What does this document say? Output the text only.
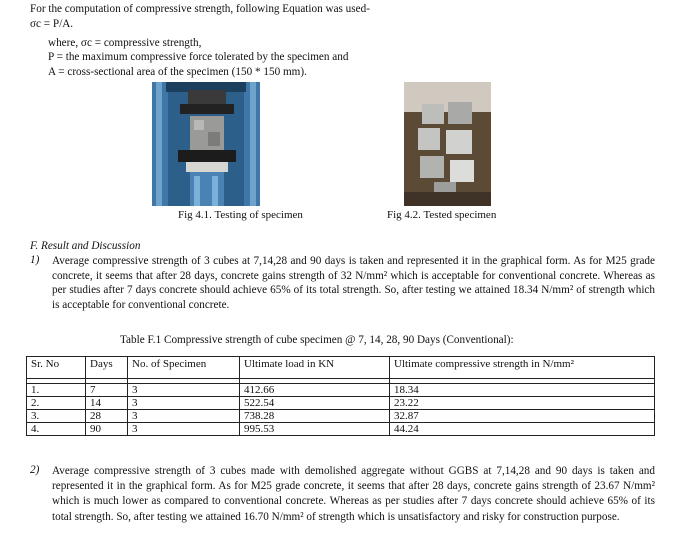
For the computation of compressive strength, following Equation was used-
σc = P/A.
where, σc = compressive strength,
P = the maximum compressive force tolerated by the specimen and
A = cross-sectional area of the specimen (150 * 150 mm).
Fig 4.1. Testing of specimen	Fig 4.2. Tested specimen
F. Result and Discussion
1) Average compressive strength of 3 cubes at 7,14,28 and 90 days is taken and represented it in the graphical form. As for M25 grade concrete, it seems that after 28 days, concrete gains strength of 32 N/mm² which is acceptable for conventional concrete. Whereas as per studies after 7 days concrete should achieve 65% of its total strength. So, after testing we attained 18.34 N/mm² of strength which is acceptable for conventional concrete.
Table F.1 Compressive strength of cube specimen @ 7, 14, 28, 90 Days (Conventional):
Sr. No	Days	No. of Specimen	Ultimate load in KN	Ultimate compressive strength in N/mm²

1.	7	3	412.66	18.34
2.	14	3	522.54	23.22
3.	28	3	738.28	32.87
4.	90	3	995.53	44.24
2) Average compressive strength of 3 cubes made with demolished aggregate without GGBS at 7,14,28 and 90 days is taken and represented it in the graphical form. As for M25 grade concrete, it seems that after 28 days, concrete gains strength of 23.67 N/mm² which is much lower as compared to conventional concrete. Whereas as per studies after 7 days concrete should achieve 65% of its total strength. So, after testing we attained 16.70 N/mm² of strength which is unsatisfactory and risky for construction purpose.
